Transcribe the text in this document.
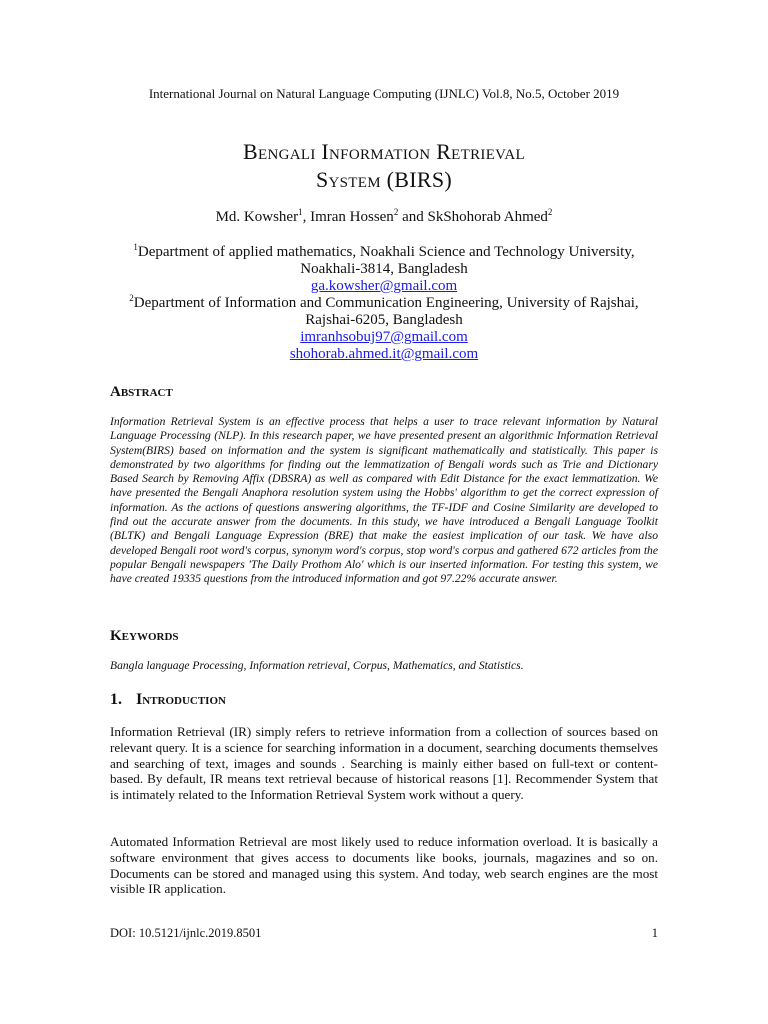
International Journal on Natural Language Computing (IJNLC) Vol.8, No.5, October 2019
Bengali Information Retrieval
System (BIRS)
Md. Kowsher$^1$, Imran Hossen$^2$ and SkShohorab Ahmed$^2$
$^1$Department of applied mathematics, Noakhali Science and Technology University,
Noakhali-3814, Bangladesh
ga.kowsher@gmail.com
$^2$Department of Information and Communication Engineering, University of Rajshai,
Rajshai-6205, Bangladesh
imranhsobuj97@gmail.com
shohorab.ahmed.it@gmail.com
Abstract
Information Retrieval System is an effective process that helps a user to trace relevant information by Natural Language Processing (NLP). In this research paper, we have presented present an algorithmic Information Retrieval System(BIRS) based on information and the system is significant mathematically and statistically. This paper is demonstrated by two algorithms for finding out the lemmatization of Bengali words such as Trie and Dictionary Based Search by Removing Affix (DBSRA) as well as compared with Edit Distance for the exact lemmatization. We have presented the Bengali Anaphora resolution system using the Hobbs' algorithm to get the correct expression of information. As the actions of questions answering algorithms, the TF-IDF and Cosine Similarity are developed to find out the accurate answer from the documents. In this study, we have introduced a Bengali Language Toolkit (BLTK) and Bengali Language Expression (BRE) that make the easiest implication of our task. We have also developed Bengali root word's corpus, synonym word's corpus, stop word's corpus and gathered 672 articles from the popular Bengali newspapers 'The Daily Prothom Alo' which is our inserted information. For testing this system, we have created 19335 questions from the introduced information and got 97.22% accurate answer.
Keywords
Bangla language Processing, Information retrieval, Corpus, Mathematics, and Statistics.
1. Introduction
Information Retrieval (IR) simply refers to retrieve information from a collection of sources based on relevant query. It is a science for searching information in a document, searching documents themselves and searching of text, images and sounds . Searching is mainly either based on full-text or content-based. By default, IR means text retrieval because of historical reasons [1]. Recommender System that is intimately related to the Information Retrieval System work without a query.
Automated Information Retrieval are most likely used to reduce information overload. It is basically a software environment that gives access to documents like books, journals, magazines and so on. Documents can be stored and managed using this system. And today, web search engines are the most visible IR application.
DOI: 10.5121/ijnlc.2019.8501	1
